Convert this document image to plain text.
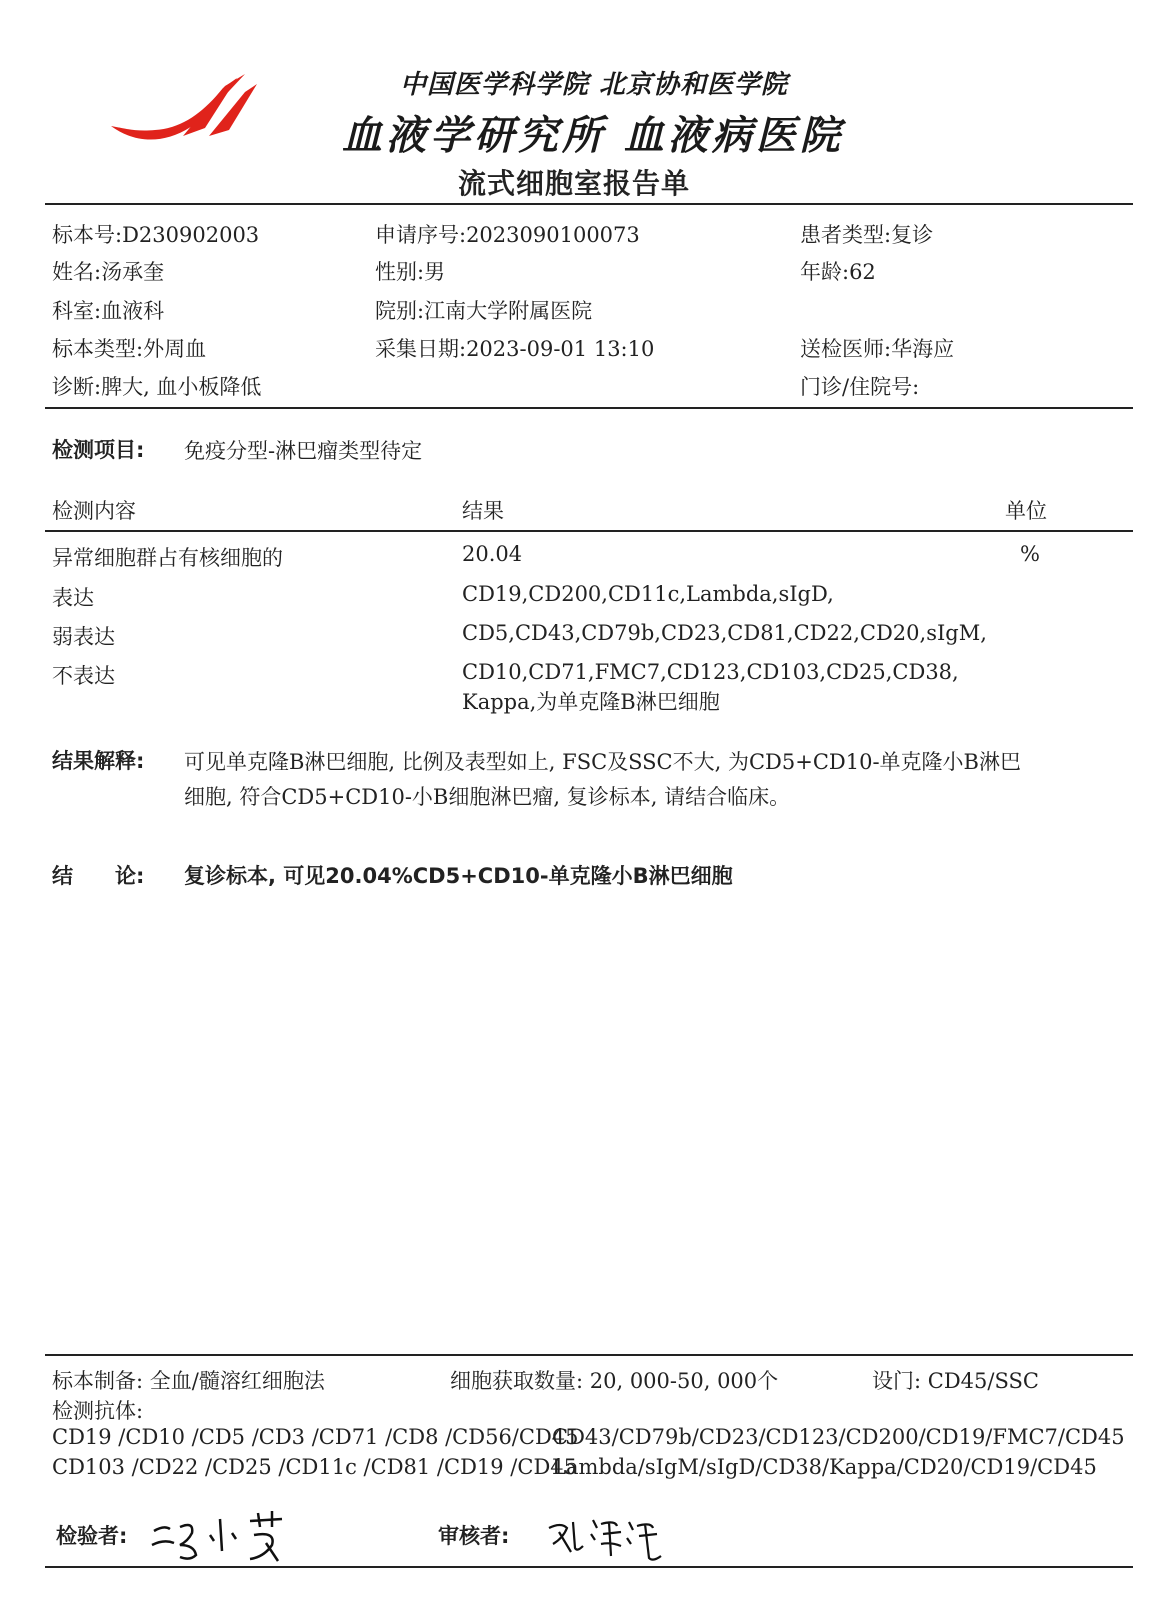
中国医学科学院 北京协和医学院
血液学研究所 血液病医院
流式细胞室报告单
标本号:D230902003	申请序号:2023090100073	患者类型:复诊
姓名:汤承奎	性别:男	年龄:62
科室:血液科	院别:江南大学附属医院
标本类型:外周血	采集日期:2023-09-01 13:10	送检医师:华海应
诊断:脾大, 血小板降低	门诊/住院号:
检测项目: 免疫分型-淋巴瘤类型待定
检测内容	结果	单位
异常细胞群占有核细胞的	20.04	%
表达	CD19,CD200,CD11c,Lambda,sIgD,
弱表达	CD5,CD43,CD79b,CD23,CD81,CD22,CD20,sIgM,
不表达	CD10,CD71,FMC7,CD123,CD103,CD25,CD38,
Kappa,为单克隆B淋巴细胞
结果解释: 可见单克隆B淋巴细胞, 比例及表型如上, FSC及SSC不大, 为CD5+CD10-单克隆小B淋巴
细胞, 符合CD5+CD10-小B细胞淋巴瘤, 复诊标本, 请结合临床。
结　　论: 复诊标本, 可见20.04%CD5+CD10-单克隆小B淋巴细胞
标本制备: 全血/髓溶红细胞法	细胞获取数量: 20, 000-50, 000个	设门: CD45/SSC
检测抗体:
CD19 /CD10 /CD5 /CD3 /CD71 /CD8 /CD56/CD45
CD43/CD79b/CD23/CD123/CD200/CD19/FMC7/CD45
CD103 /CD22 /CD25 /CD11c /CD81 /CD19 /CD45
Lambda/sIgM/sIgD/CD38/Kappa/CD20/CD19/CD45
检验者:	审核者:
